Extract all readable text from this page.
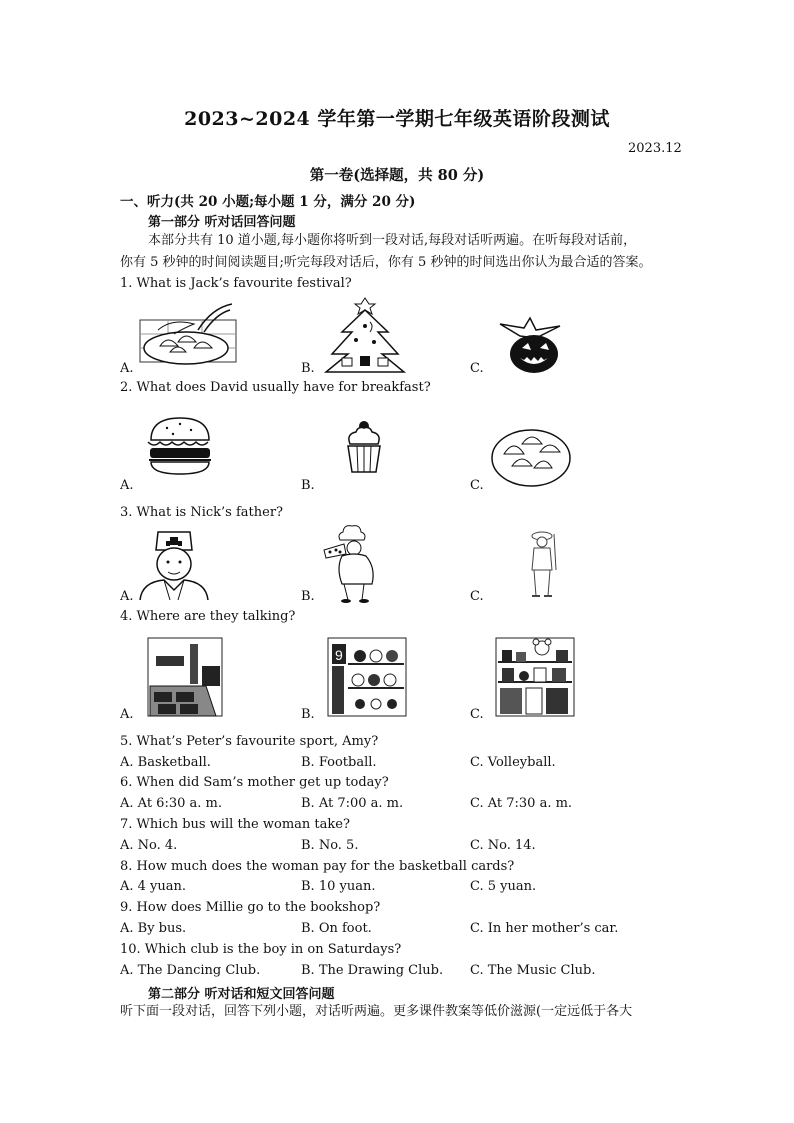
2023~2024 学年第一学期七年级英语阶段测试
2023.12
第一卷(选择题，共 80 分)
一、听力(共 20 小题;每小题 1 分，满分 20 分)
第一部分 听对话回答问题
本部分共有 10 道小题,每小题你将听到一段对话,每段对话听两遍。在听每段对话前，
你有 5 秒钟的时间阅读题目;听完每段对话后，你有 5 秒钟的时间选出你认为最合适的答案。
1. What is Jack’s favourite festival?
A.	B.	C.
2. What does David usually have for breakfast?
A.	B.	C.
3. What is Nick’s father?
A.	B.	C.
4. Where are they talking?
A.	B.	C.
9
5. What’s Peter’s favourite sport, Amy?
A. Basketball.	B. Football.	C. Volleyball.
6. When did Sam’s mother get up today?
A. At 6:30 a. m.	B. At 7:00 a. m.	C. At 7:30 a. m.
7. Which bus will the woman take?
A. No. 4.	B. No. 5.	C. No. 14.
8. How much does the woman pay for the basketball cards?
A. 4 yuan.	B. 10 yuan.	C. 5 yuan.
9. How does Millie go to the bookshop?
A. By bus.	B. On foot.	C. In her mother’s car.
10. Which club is the boy in on Saturdays?
A. The Dancing Club.	B. The Drawing Club. C. The Music Club.
第二部分 听对话和短文回答问题
听下面一段对话，回答下列小题，对话听两遍。更多课件教案等低价滋源(一定远低于各大
